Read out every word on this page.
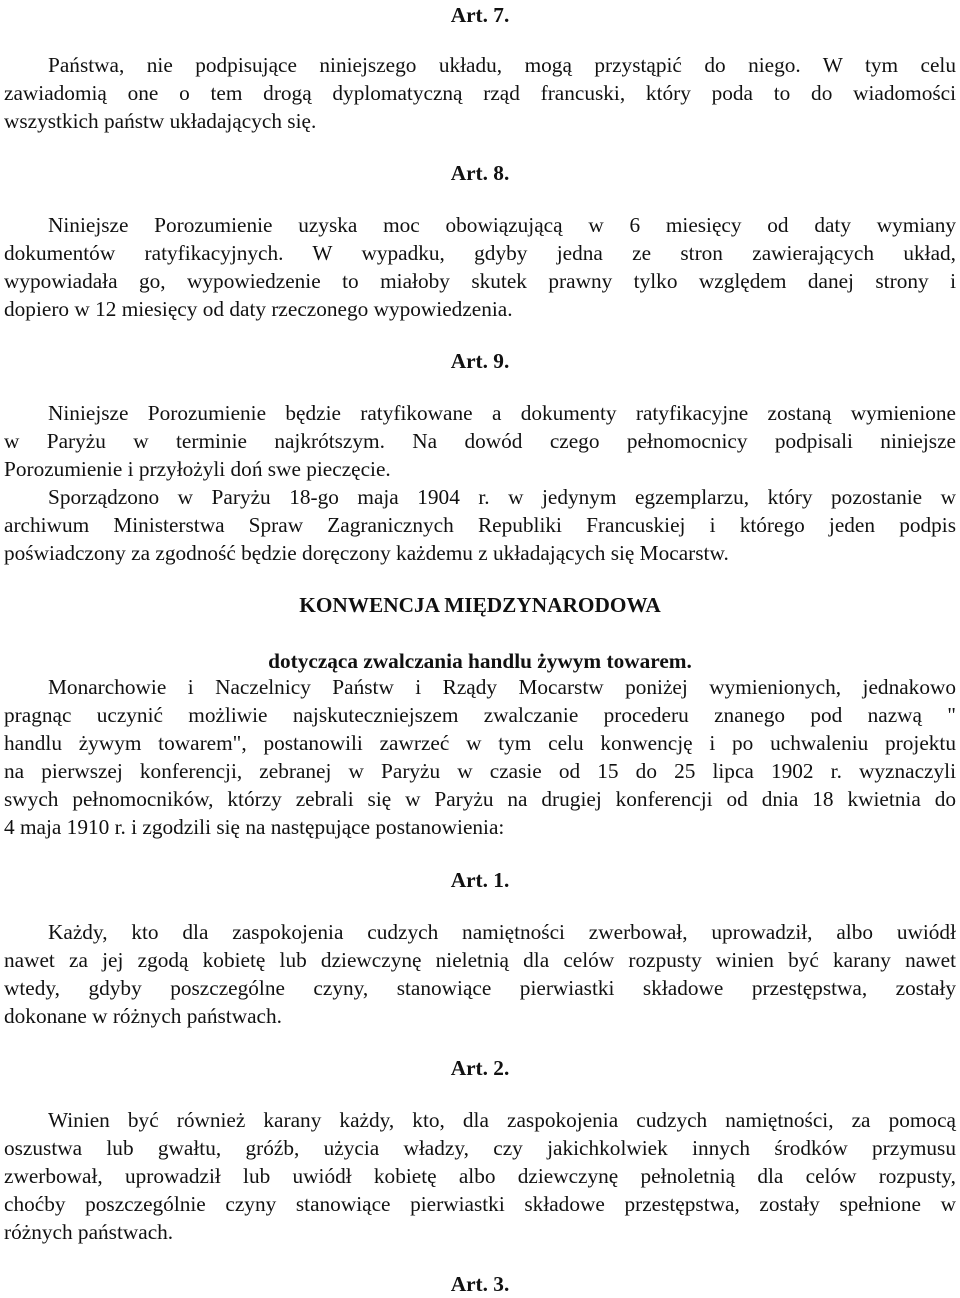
Art. 7.
Państwa, nie podpisujące niniejszego układu, mogą przystąpić do niego. W tym celu
zawiadomią one o tem drogą dyplomatyczną rząd francuski, który poda to do wiadomości
wszystkich państw układających się.
Art. 8.
Niniejsze Porozumienie uzyska moc obowiązującą w 6 miesięcy od daty wymiany
dokumentów ratyfikacyjnych. W wypadku, gdyby jedna ze stron zawierających układ,
wypowiadała go, wypowiedzenie to miałoby skutek prawny tylko względem danej strony i
dopiero w 12 miesięcy od daty rzeczonego wypowiedzenia.
Art. 9.
Niniejsze Porozumienie będzie ratyfikowane a dokumenty ratyfikacyjne zostaną wymienione
w Paryżu w terminie najkrótszym. Na dowód czego pełnomocnicy podpisali niniejsze
Porozumienie i przyłożyli doń swe pieczęcie.
Sporządzono w Paryżu 18-go maja 1904 r. w jedynym egzemplarzu, który pozostanie w
archiwum Ministerstwa Spraw Zagranicznych Republiki Francuskiej i którego jeden podpis
poświadczony za zgodność będzie doręczony każdemu z układających się Mocarstw.
KONWENCJA MIĘDZYNARODOWA
dotycząca zwalczania handlu żywym towarem.
Monarchowie i Naczelnicy Państw i Rządy Mocarstw poniżej wymienionych, jednakowo
pragnąc uczynić możliwie najskuteczniejszem zwalczanie procederu znanego pod nazwą "
handlu żywym towarem", postanowili zawrzeć w tym celu konwencję i po uchwaleniu projektu
na pierwszej konferencji, zebranej w Paryżu w czasie od 15 do 25 lipca 1902 r. wyznaczyli
swych pełnomocników, którzy zebrali się w Paryżu na drugiej konferencji od dnia 18 kwietnia do
4 maja 1910 r. i zgodzili się na następujące postanowienia:
Art. 1.
Każdy, kto dla zaspokojenia cudzych namiętności zwerbował, uprowadził, albo uwiódł
nawet za jej zgodą kobietę lub dziewczynę nieletnią dla celów rozpusty winien być karany nawet
wtedy, gdyby poszczególne czyny, stanowiące pierwiastki składowe przestępstwa, zostały
dokonane w różnych państwach.
Art. 2.
Winien być również karany każdy, kto, dla zaspokojenia cudzych namiętności, za pomocą
oszustwa lub gwałtu, gróźb, użycia władzy, czy jakichkolwiek innych środków przymusu
zwerbował, uprowadził lub uwiódł kobietę albo dziewczynę pełnoletnią dla celów rozpusty,
choćby poszczególnie czyny stanowiące pierwiastki składowe przestępstwa, zostały spełnione w
różnych państwach.
Art. 3.
